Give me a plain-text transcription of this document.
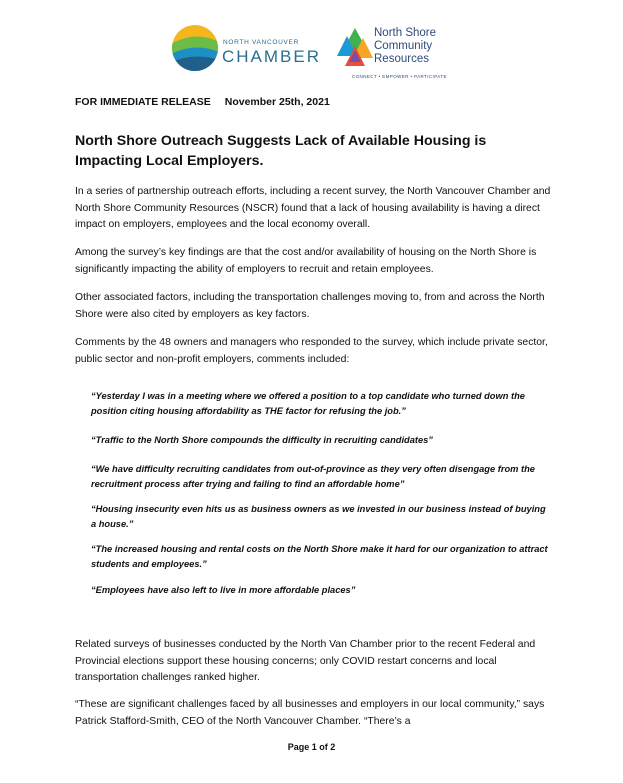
NORTH VANCOUVER
CHAMBER
North Shore
Community
Resources
CONNECT • EMPOWER • PARTICIPATE
FOR IMMEDIATE RELEASE November 25th, 2021
North Shore Outreach Suggests Lack of Available Housing is Impacting Local Employers.
In a series of partnership outreach efforts, including a recent survey, the North Vancouver Chamber and North Shore Community Resources (NSCR) found that a lack of housing availability is having a direct impact on employers, employees and the local economy overall.
Among the survey’s key findings are that the cost and/or availability of housing on the North Shore is significantly impacting the ability of employers to recruit and retain employees.
Other associated factors, including the transportation challenges moving to, from and across the North Shore were also cited by employers as key factors.
Comments by the 48 owners and managers who responded to the survey, which include private sector, public sector and non-profit employers, comments included:
“Yesterday I was in a meeting where we offered a position to a top candidate who turned down the position citing housing affordability as THE factor for refusing the job.”
“Traffic to the North Shore compounds the difficulty in recruiting candidates”
“We have difficulty recruiting candidates from out-of-province as they very often disengage from the recruitment process after trying and failing to find an affordable home”
“Housing insecurity even hits us as business owners as we invested in our business instead of buying a house.”
“The increased housing and rental costs on the North Shore make it hard for our organization to attract students and employees.”
“Employees have also left to live in more affordable places”
Related surveys of businesses conducted by the North Van Chamber prior to the recent Federal and Provincial elections support these housing concerns; only COVID restart concerns and local transportation challenges ranked higher.
“These are significant challenges faced by all businesses and employers in our local community,” says Patrick Stafford-Smith, CEO of the North Vancouver Chamber. “There’s a
Page 1 of 2
